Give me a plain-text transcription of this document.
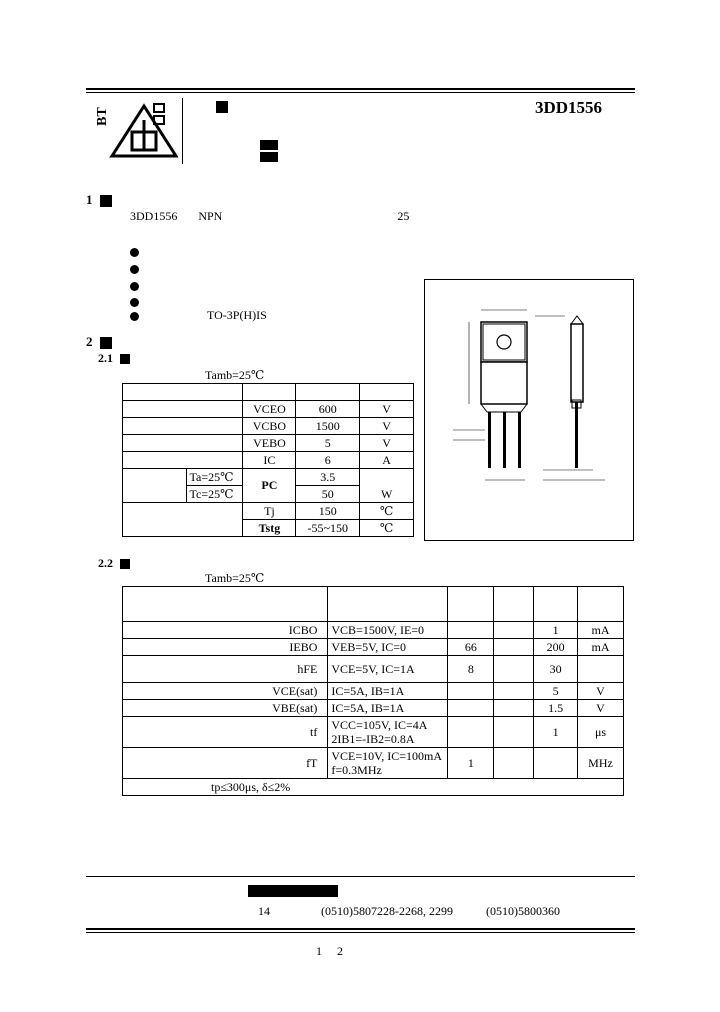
BT	3DD1556
1
3DD1556 NPN	25
TO-3P(H)IS
2
2.1
Tamb=25℃

		VCEO	600	V
		VCBO	1500	V
		VEBO	5	V
		IC	6	A
	Ta=25℃	PC	3.5	W
	Tc=25℃		50	
		Tj	150	℃
		Tstg	-55~150	℃
2.2
Tamb=25℃

ICBO	VCB=1500V, IE=0			1	mA
IEBO	VEB=5V, IC=0	66		200	mA
hFE	VCE=5V, IC=1A	8		30	
VCE(sat)	IC=5A, IB=1A			5	V
VBE(sat)	IC=5A, IB=1A			1.5	V
tf	VCC=105V, IC=4A
2IB1=-IB2=0.8A			1	μs
fT	VCE=10V, IC=100mA
f=0.3MHz	1			MHz
tp≤300μs, δ≤2%					
14	(0510)5807228-2268, 2299	(0510)5800360
1     2
